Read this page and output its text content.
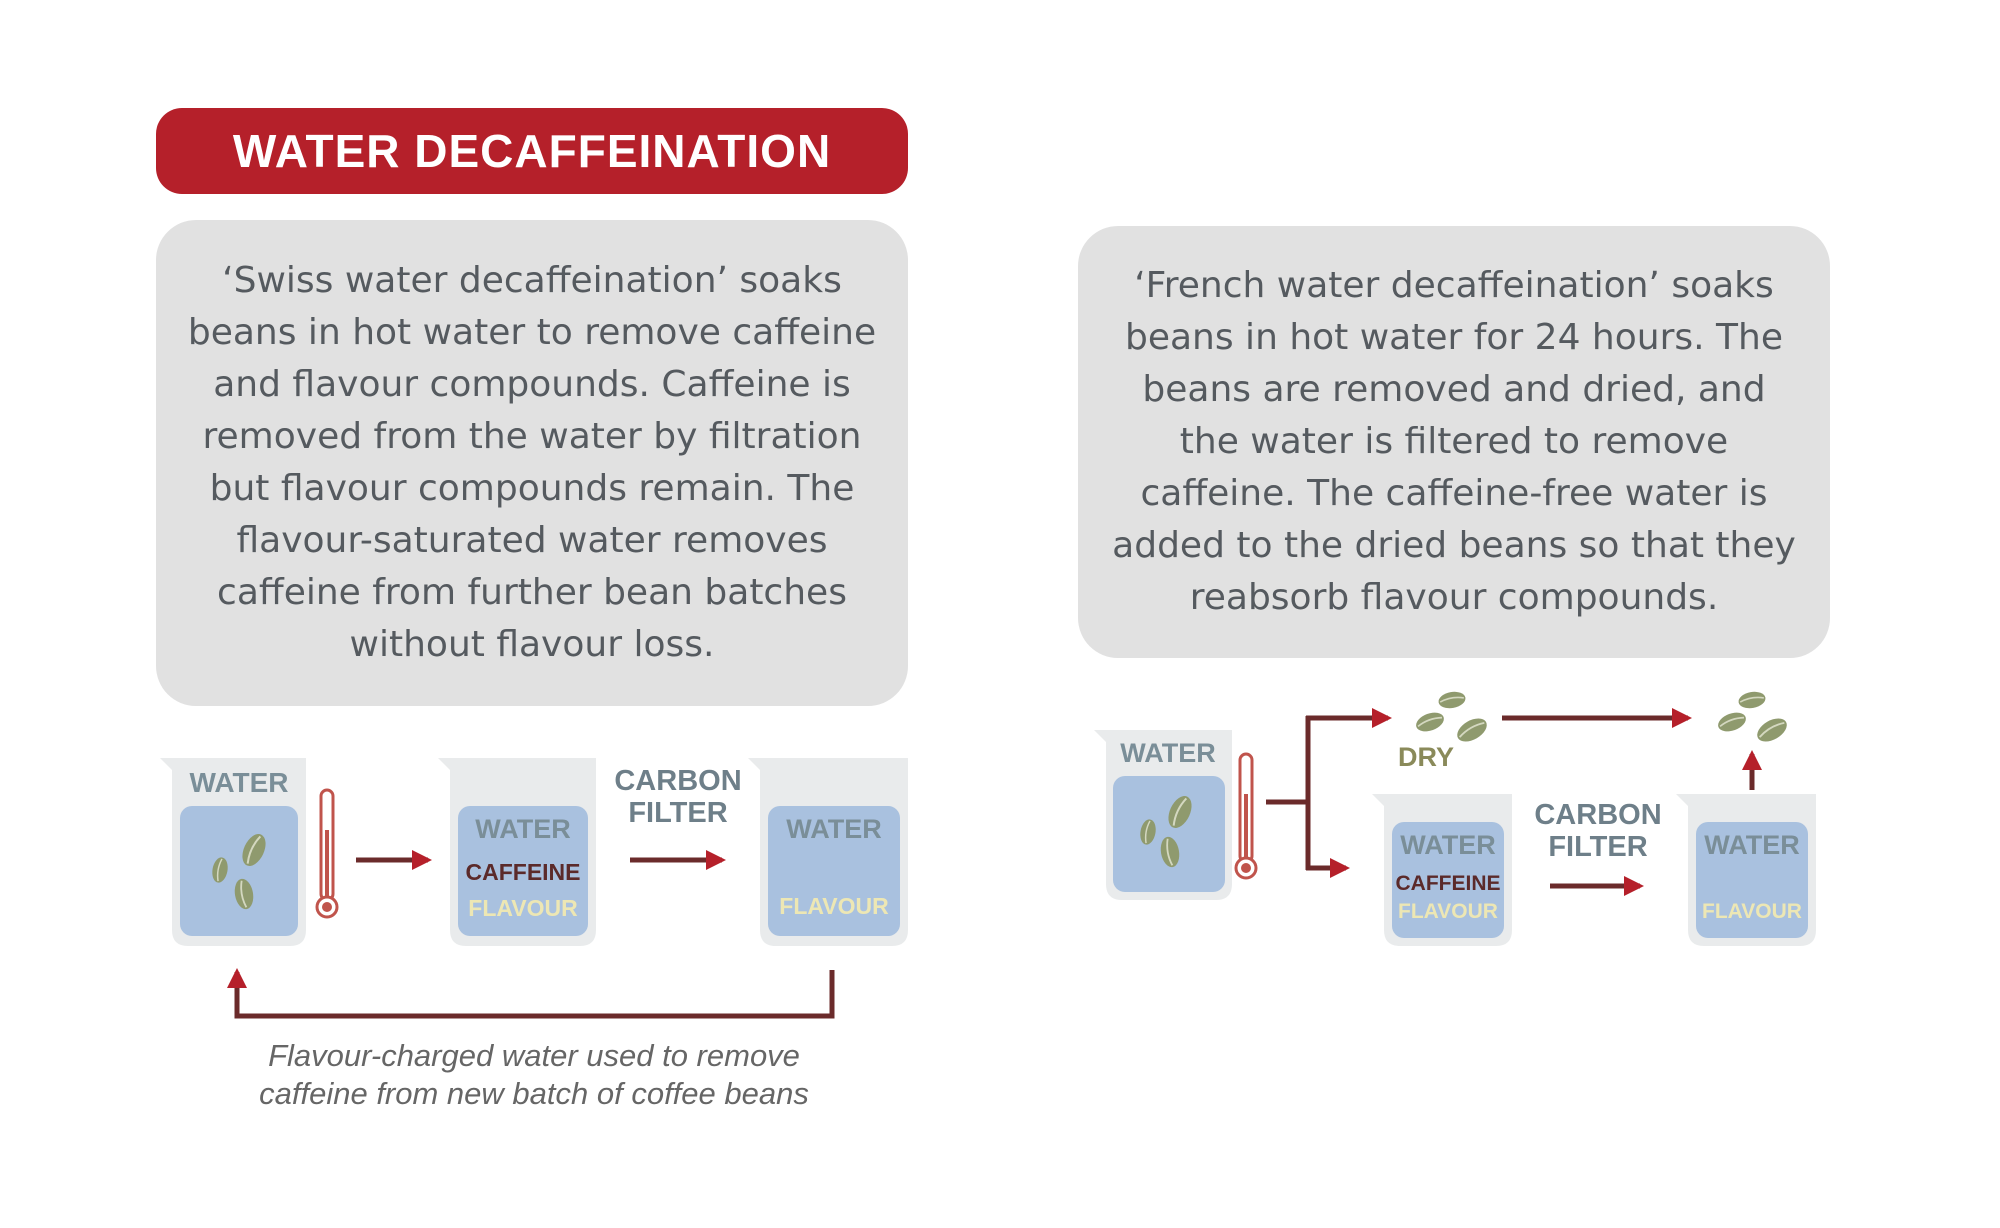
WATER DECAFFEINATION

‘Swiss water decaffeination’ soaks beans in hot water to remove caffeine and flavour compounds. Caffeine is removed from the water by filtration but flavour compounds remain. The flavour-saturated water removes caffeine from further bean batches without flavour loss.

‘French water decaffeination’ soaks beans in hot water for 24 hours. The beans are removed and dried, and the water is filtered to remove caffeine. The caffeine-free water is added to the dried beans so that they reabsorb flavour compounds.

WATER
WATER
CAFFEINE
FLAVOUR
CARBON
FILTER WATER
FLAVOUR
Flavour-charged water used to remove
caffeine from new batch of coffee beans
WATER	DRY
WATER
CAFFEINE
FLAVOUR
CARBON
FILTER WATER
FLAVOUR
